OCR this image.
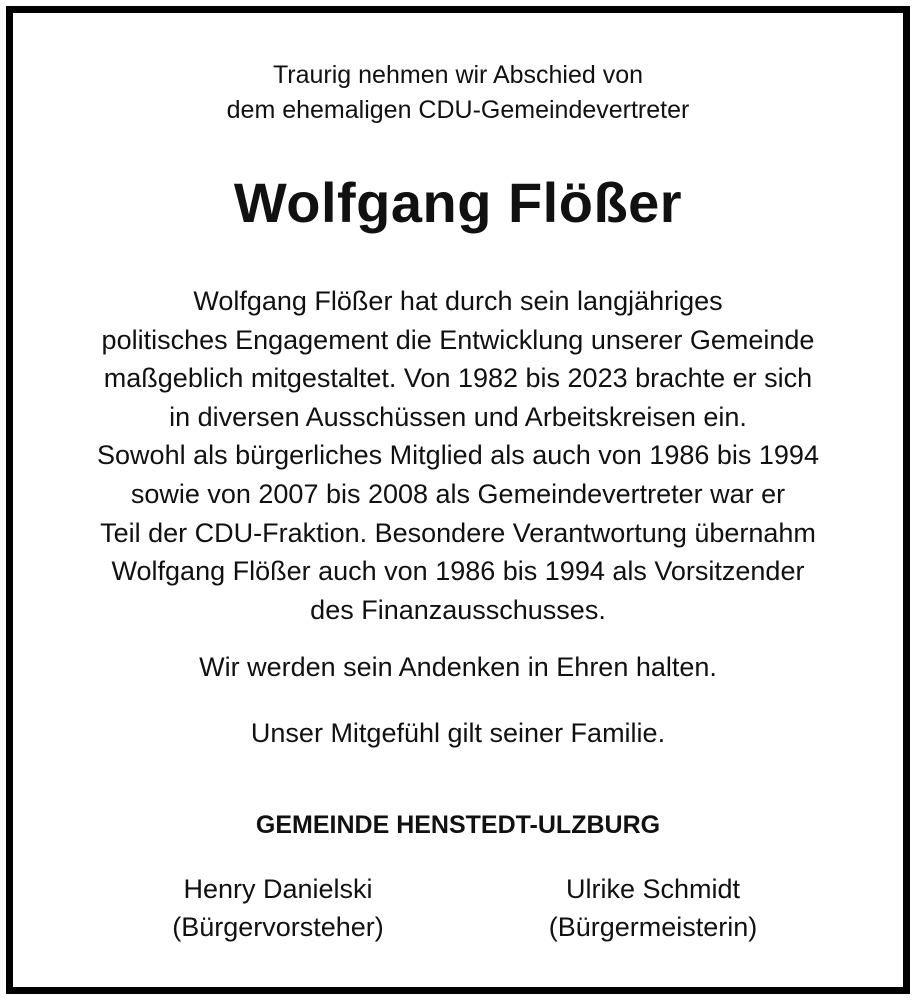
Traurig nehmen wir Abschied von
dem ehemaligen CDU-Gemeindevertreter
Wolfgang Flößer
Wolfgang Flößer hat durch sein langjähriges
politisches Engagement die Entwicklung unserer Gemeinde
maßgeblich mitgestaltet. Von 1982 bis 2023 brachte er sich
in diversen Ausschüssen und Arbeitskreisen ein.
Sowohl als bürgerliches Mitglied als auch von 1986 bis 1994
sowie von 2007 bis 2008 als Gemeindevertreter war er
Teil der CDU-Fraktion. Besondere Verantwortung übernahm
Wolfgang Flößer auch von 1986 bis 1994 als Vorsitzender
des Finanzausschusses.
Wir werden sein Andenken in Ehren halten.
Unser Mitgefühl gilt seiner Familie.
GEMEINDE HENSTEDT-ULZBURG
Henry Danielski
(Bürgervorsteher)
Ulrike Schmidt
(Bürgermeisterin)
